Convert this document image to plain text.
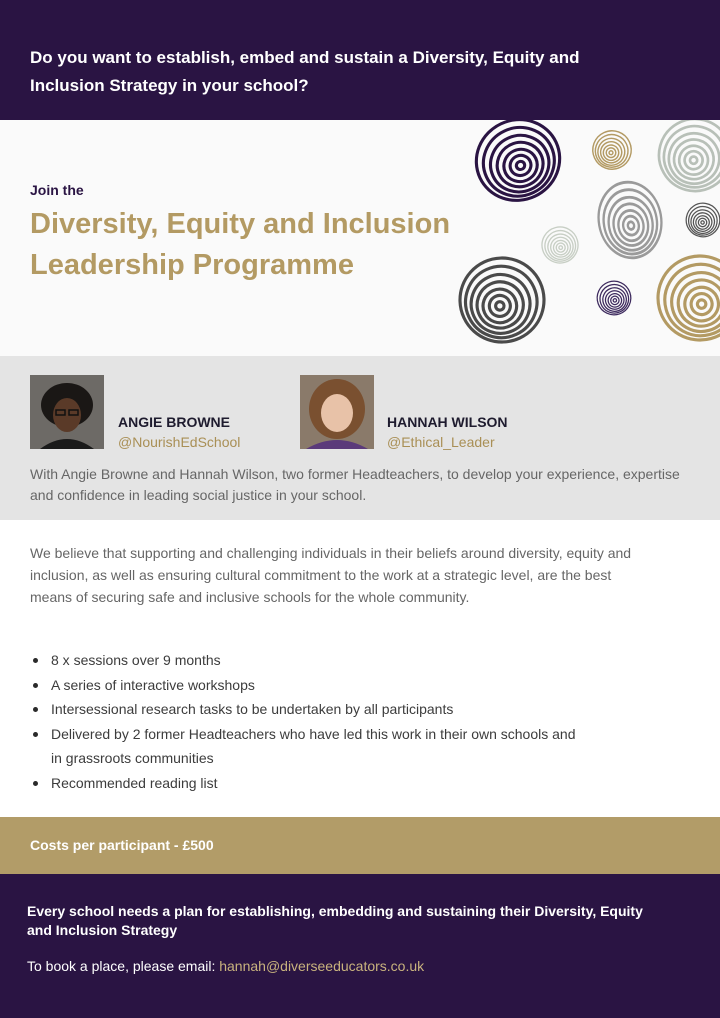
Do you want to establish, embed and sustain a Diversity, Equity and Inclusion Strategy in your school?
Join the
Diversity, Equity and Inclusion Leadership Programme
ANGIE BROWNE
@NourishEdSchool
HANNAH WILSON
@Ethical_Leader

With Angie Browne and Hannah Wilson, two former Headteachers, to develop your experience, expertise and confidence in leading social justice in your school.

We believe that supporting and challenging individuals in their beliefs around diversity, equity and inclusion, as well as ensuring cultural commitment to the work at a strategic level, are the best means of securing safe and inclusive schools for the whole community.

8 x sessions over 9 months
A series of interactive workshops
Intersessional research tasks to be undertaken by all participants
Delivered by 2 former Headteachers who have led this work in their own schools and in grassroots communities
Recommended reading list
Costs per participant - £500

Every school needs a plan for establishing, embedding and sustaining their Diversity, Equity and Inclusion Strategy

To book a place, please email: hannah@diverseeducators.co.uk
